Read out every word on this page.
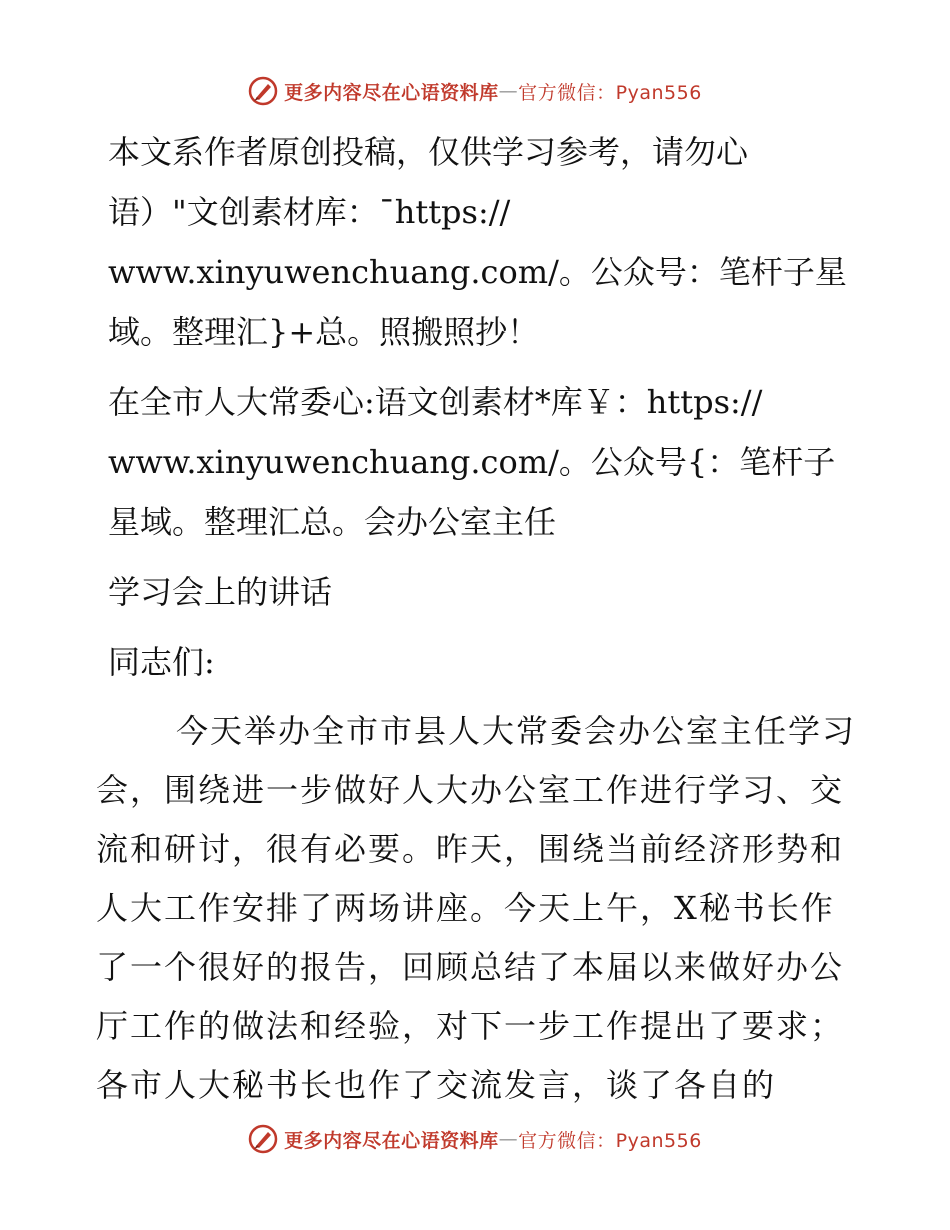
更多内容尽在心语资料库 — 官方微信：Pyan556

本文系作者原创投稿，仅供学习参考，请勿心语）"文创素材库：¯https://
www.xinyuwenchuang.com/。公众号：笔杆子星域。整理汇}+总。照搬照抄！

在全市人大常委心:语文创素材*库￥：https://
www.xinyuwenchuang.com/。公众号{：笔杆子星域。整理汇总。会办公室主任

学习会上的讲话

同志们:

今天举办全市市县人大常委会办公室主任学习会，围绕进一步做好人大办公室工作进行学习、交流和研讨，很有必要。昨天，围绕当前经济形势和人大工作安排了两场讲座。今天上午，X秘书长作了一个很好的报告，回顾总结了本届以来做好办公厅工作的做法和经验，对下一步工作提出了要求；各市人大秘书长也作了交流发言，谈了各自的

更多内容尽在心语资料库 — 官方微信：Pyan556
